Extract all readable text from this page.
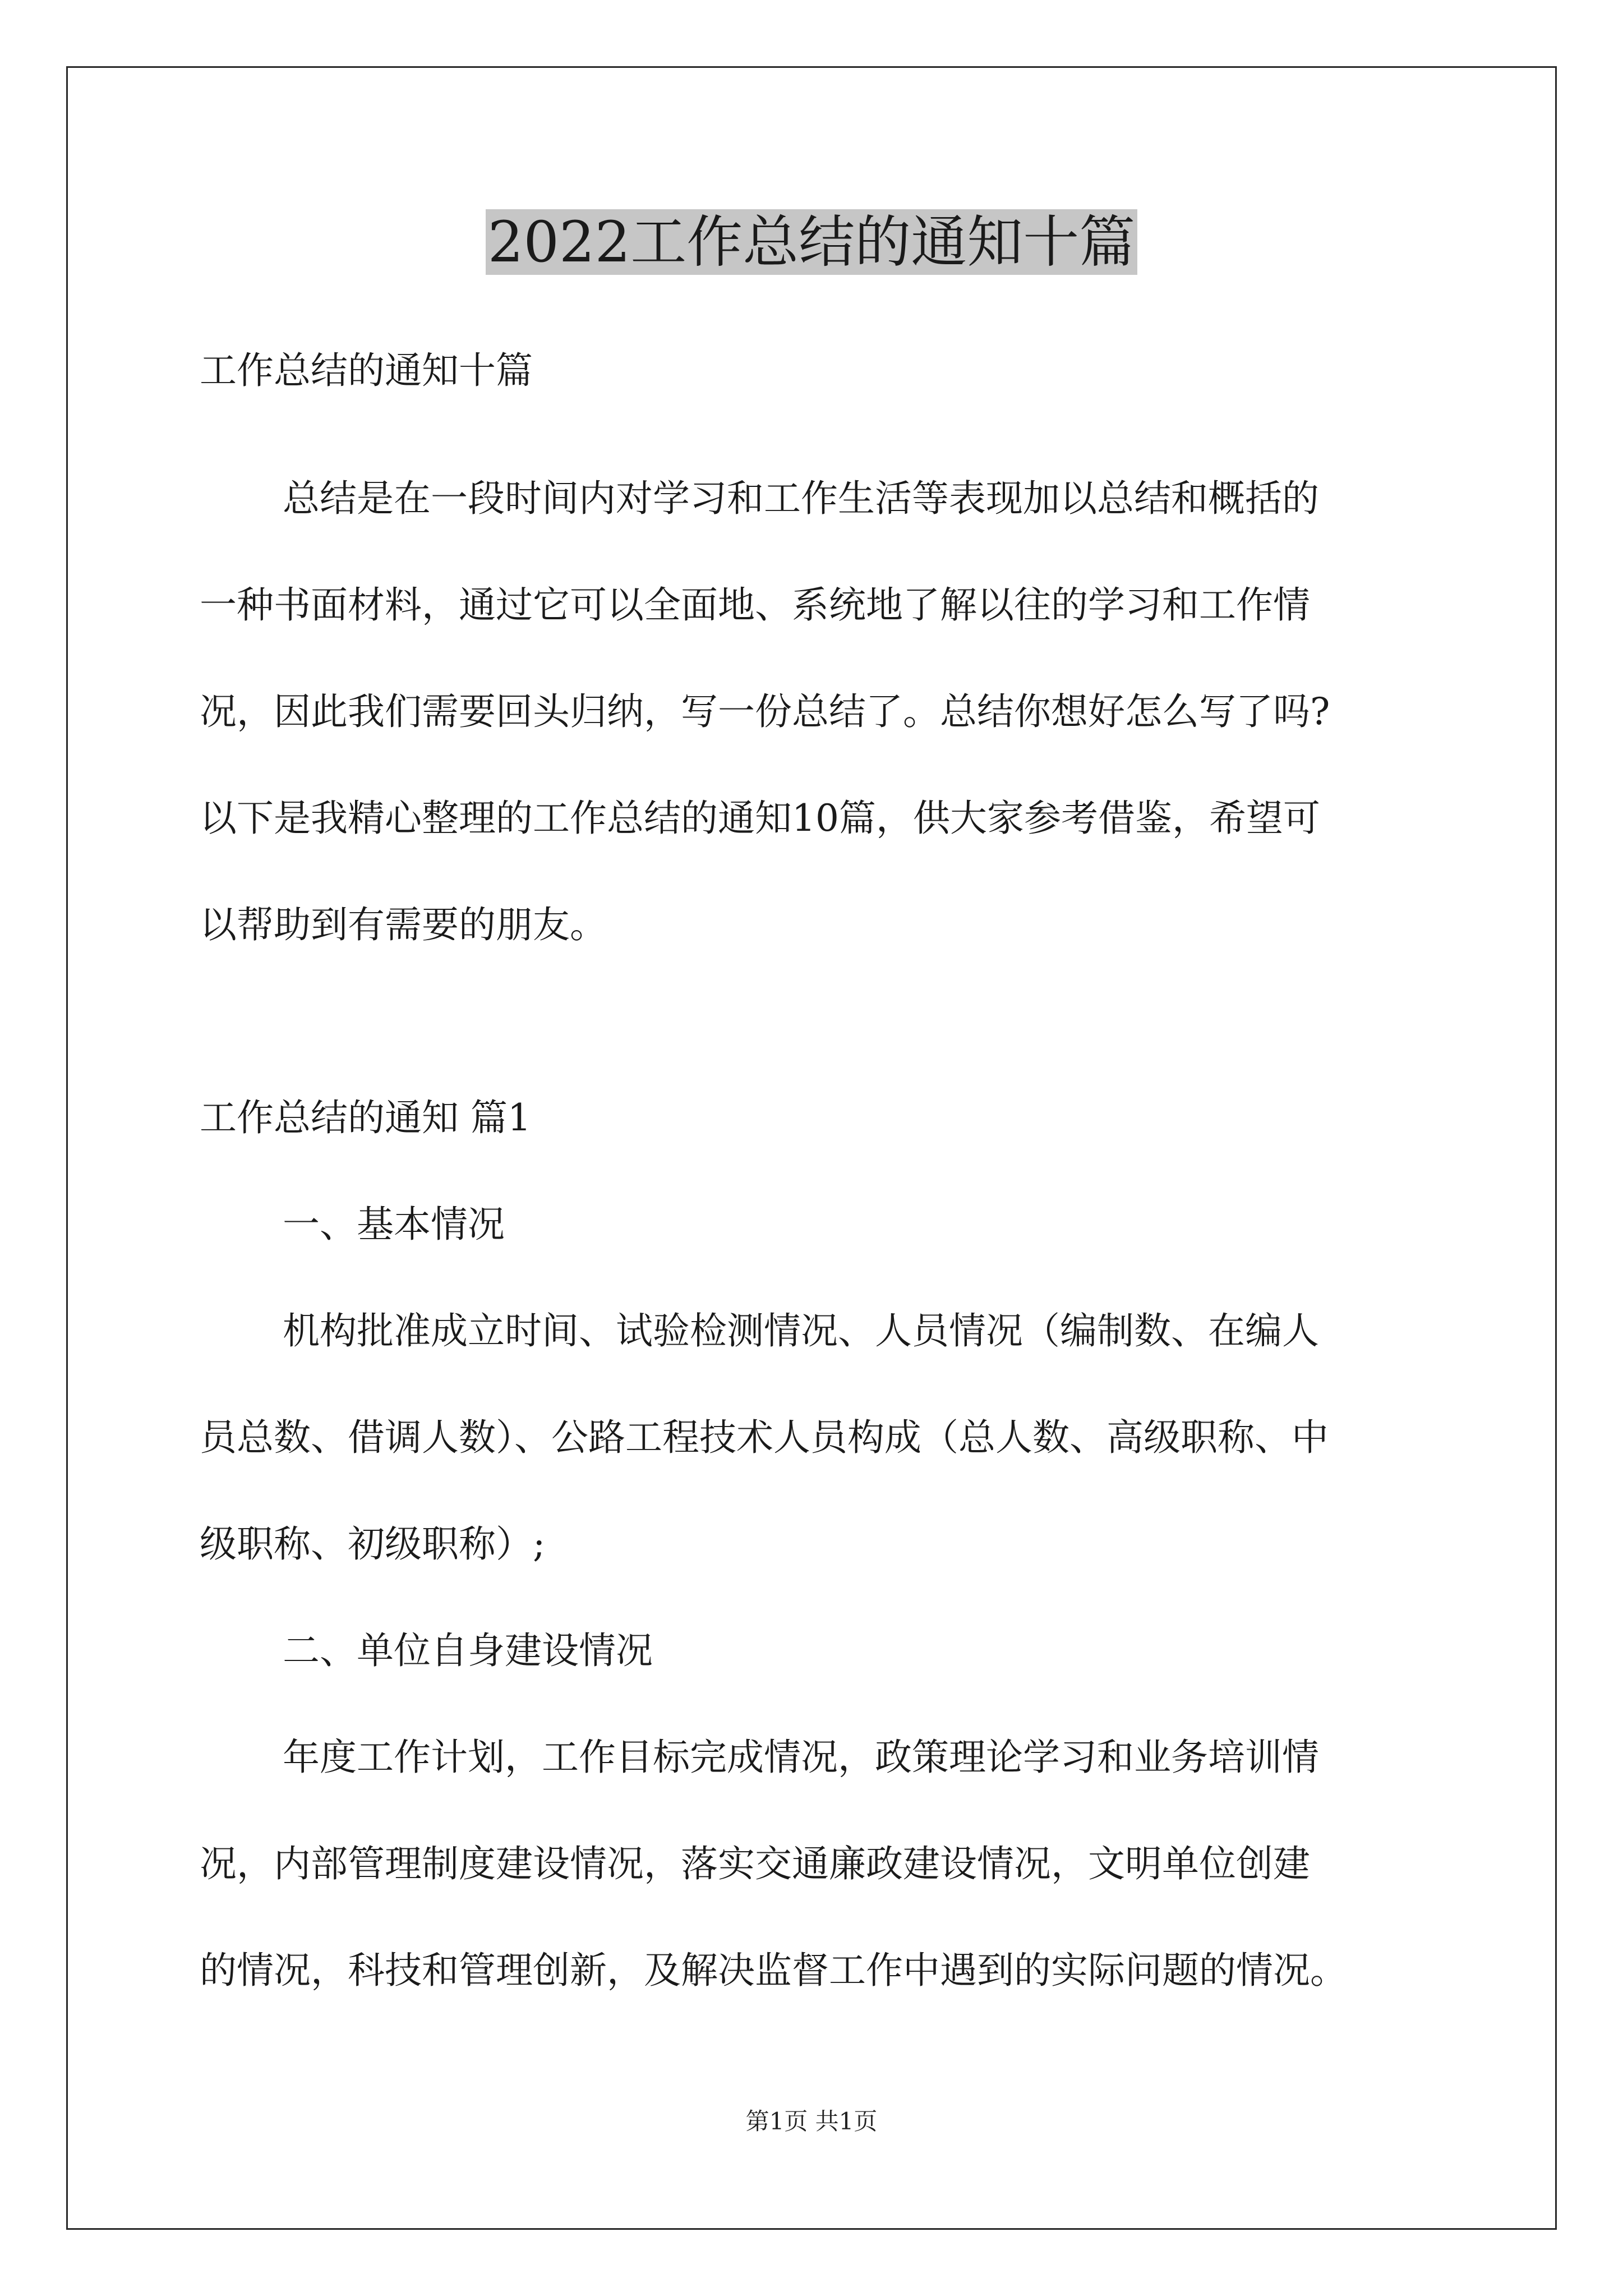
2022工作总结的通知十篇
工作总结的通知十篇
总结是在一段时间内对学习和工作生活等表现加以总结和概括的
一种书面材料，通过它可以全面地、系统地了解以往的学习和工作情
况，因此我们需要回头归纳，写一份总结了。总结你想好怎么写了吗?
以下是我精心整理的工作总结的通知10篇，供大家参考借鉴，希望可
以帮助到有需要的朋友。
工作总结的通知 篇1
一、基本情况
机构批准成立时间、试验检测情况、人员情况（编制数、在编人
员总数、借调人数）、公路工程技术人员构成（总人数、高级职称、中
级职称、初级职称）;
二、单位自身建设情况
年度工作计划，工作目标完成情况，政策理论学习和业务培训情
况，内部管理制度建设情况，落实交通廉政建设情况，文明单位创建
的情况，科技和管理创新，及解决监督工作中遇到的实际问题的情况。
第1页 共1页
